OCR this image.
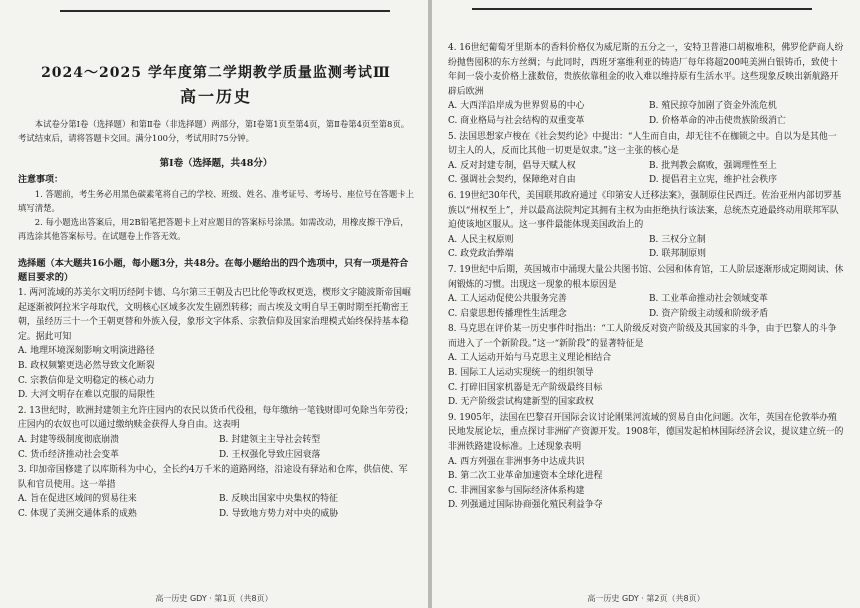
2024～2025 学年度第二学期教学质量监测考试Ⅲ
高一历史

本试卷分第Ⅰ卷（选择题）和第Ⅱ卷（非选择题）两部分，第Ⅰ卷第1页至第4页，第Ⅱ卷第4页至第8页。考试结束后，请将答题卡交回。满分100分，考试用时75分钟。

第Ⅰ卷（选择题，共48分）
注意事项：

1. 答题前，考生务必用黑色碳素笔将自己的学校、班级、姓名、准考证号、考场号、座位号在答题卡上填写清楚。

2. 每小题选出答案后，用2B铅笔把答题卡上对应题目的答案标号涂黑。如需改动，用橡皮擦干净后，再选涂其他答案标号。在试题卷上作答无效。

选择题（本大题共16小题，每小题3分，共48分。在每小题给出的四个选项中，只有一项是符合题目要求的）

1. 两河流域的苏美尔文明历经阿卡德、乌尔第三王朝及古巴比伦等政权更迭，楔形文字随波斯帝国崛起逐渐被阿拉米字母取代，文明核心区域多次发生剧烈转移；而古埃及文明自早王朝时期至托勒密王朝，虽经历三十一个王朝更替和外族入侵，象形文字体系、宗教信仰及国家治理模式始终保持基本稳定。据此可知

A. 地理环境深刻影响文明演进路径
B. 政权频繁更迭必然导致文化断裂
C. 宗教信仰是文明稳定的核心动力
D. 大河文明存在难以克服的局限性

2. 13世纪时，欧洲封建领主允许庄园内的农民以货币代役租，每年缴纳一笔钱财即可免除当年劳役；庄园内的农奴也可以通过缴纳赎金获得人身自由。这表明

A. 封建等级制度彻底崩溃	B. 封建领主主导社会转型
C. 货币经济推动社会变革	D. 王权强化导致庄园衰落

3. 印加帝国修建了以库斯科为中心，全长约4万千米的道路网络，沿途设有驿站和仓库，供信使、军队和官员使用。这一举措

A. 旨在促进区域间的贸易往来	B. 反映出国家中央集权的特征
C. 体现了美洲交通体系的成熟	D. 导致地方势力对中央的威胁
高一历史 GDY · 第1页（共8页）

4. 16世纪葡萄牙里斯本的香料价格仅为威尼斯的五分之一，安特卫普港口胡椒堆积，佛罗伦萨商人纷纷抛售囤积的东方丝绸；与此同时，西班牙塞维利亚的铸造厂每年将超200吨美洲白银铸币，致使十年间一袋小麦价格上涨数倍，贵族依靠租金的收入难以维持原有生活水平。这些现象反映出新航路开辟后欧洲

A. 大西洋沿岸成为世界贸易的中心	B. 殖民掠夺加剧了资金外流危机
C. 商业格局与社会结构的双重变革	D. 价格革命的冲击使贵族阶级消亡

5. 法国思想家卢梭在《社会契约论》中提出：“人生而自由，却无往不在枷锁之中。自以为是其他一切主人的人，反而比其他一切更是奴隶。”这一主张的核心是

A. 反对封建专制，倡导天赋人权	B. 批判教会腐败，强调理性至上
C. 强调社会契约，保障绝对自由	D. 提倡君主立宪，维护社会秩序

6. 19世纪30年代，美国联邦政府通过《印第安人迁移法案》，强制原住民西迁。佐治亚州内部切罗基族以“州权至上”，并以最高法院判定其拥有主权为由拒绝执行该法案，总统杰克逊最终动用联邦军队迫使该地区服从。这一事件最能体现美国政治上的

A. 人民主权原则	B. 三权分立制
C. 政党政治弊端	D. 联邦制原则

7. 19世纪中后期，英国城市中涌现大量公共图书馆、公园和体育馆，工人阶层逐渐形成定期阅读、休闲锻炼的习惯。出现这一现象的根本原因是

A. 工人运动促使公共服务完善	B. 工业革命推动社会领域变革
C. 启蒙思想传播理性生活理念	D. 资产阶级主动缓和阶级矛盾

8. 马克思在评价某一历史事件时指出：“工人阶级反对资产阶级及其国家的斗争，由于巴黎人的斗争而进入了一个新阶段。”这一“新阶段”的显著特征是

A. 工人运动开始与马克思主义理论相结合
B. 国际工人运动实现统一的组织领导
C. 打碎旧国家机器是无产阶级最终目标
D. 无产阶级尝试构建新型的国家政权

9. 1905年，法国在巴黎召开国际会议讨论刚果河流域的贸易自由化问题。次年，英国在伦敦举办殖民地发展论坛，重点探讨非洲矿产资源开发。1908年，德国发起柏林国际经济会议，提议建立统一的非洲铁路建设标准。上述现象表明

A. 西方列强在非洲事务中达成共识
B. 第二次工业革命加速资本全球化进程
C. 非洲国家参与国际经济体系构建
D. 列强通过国际协商强化殖民利益争夺
高一历史 GDY · 第2页（共8页）
